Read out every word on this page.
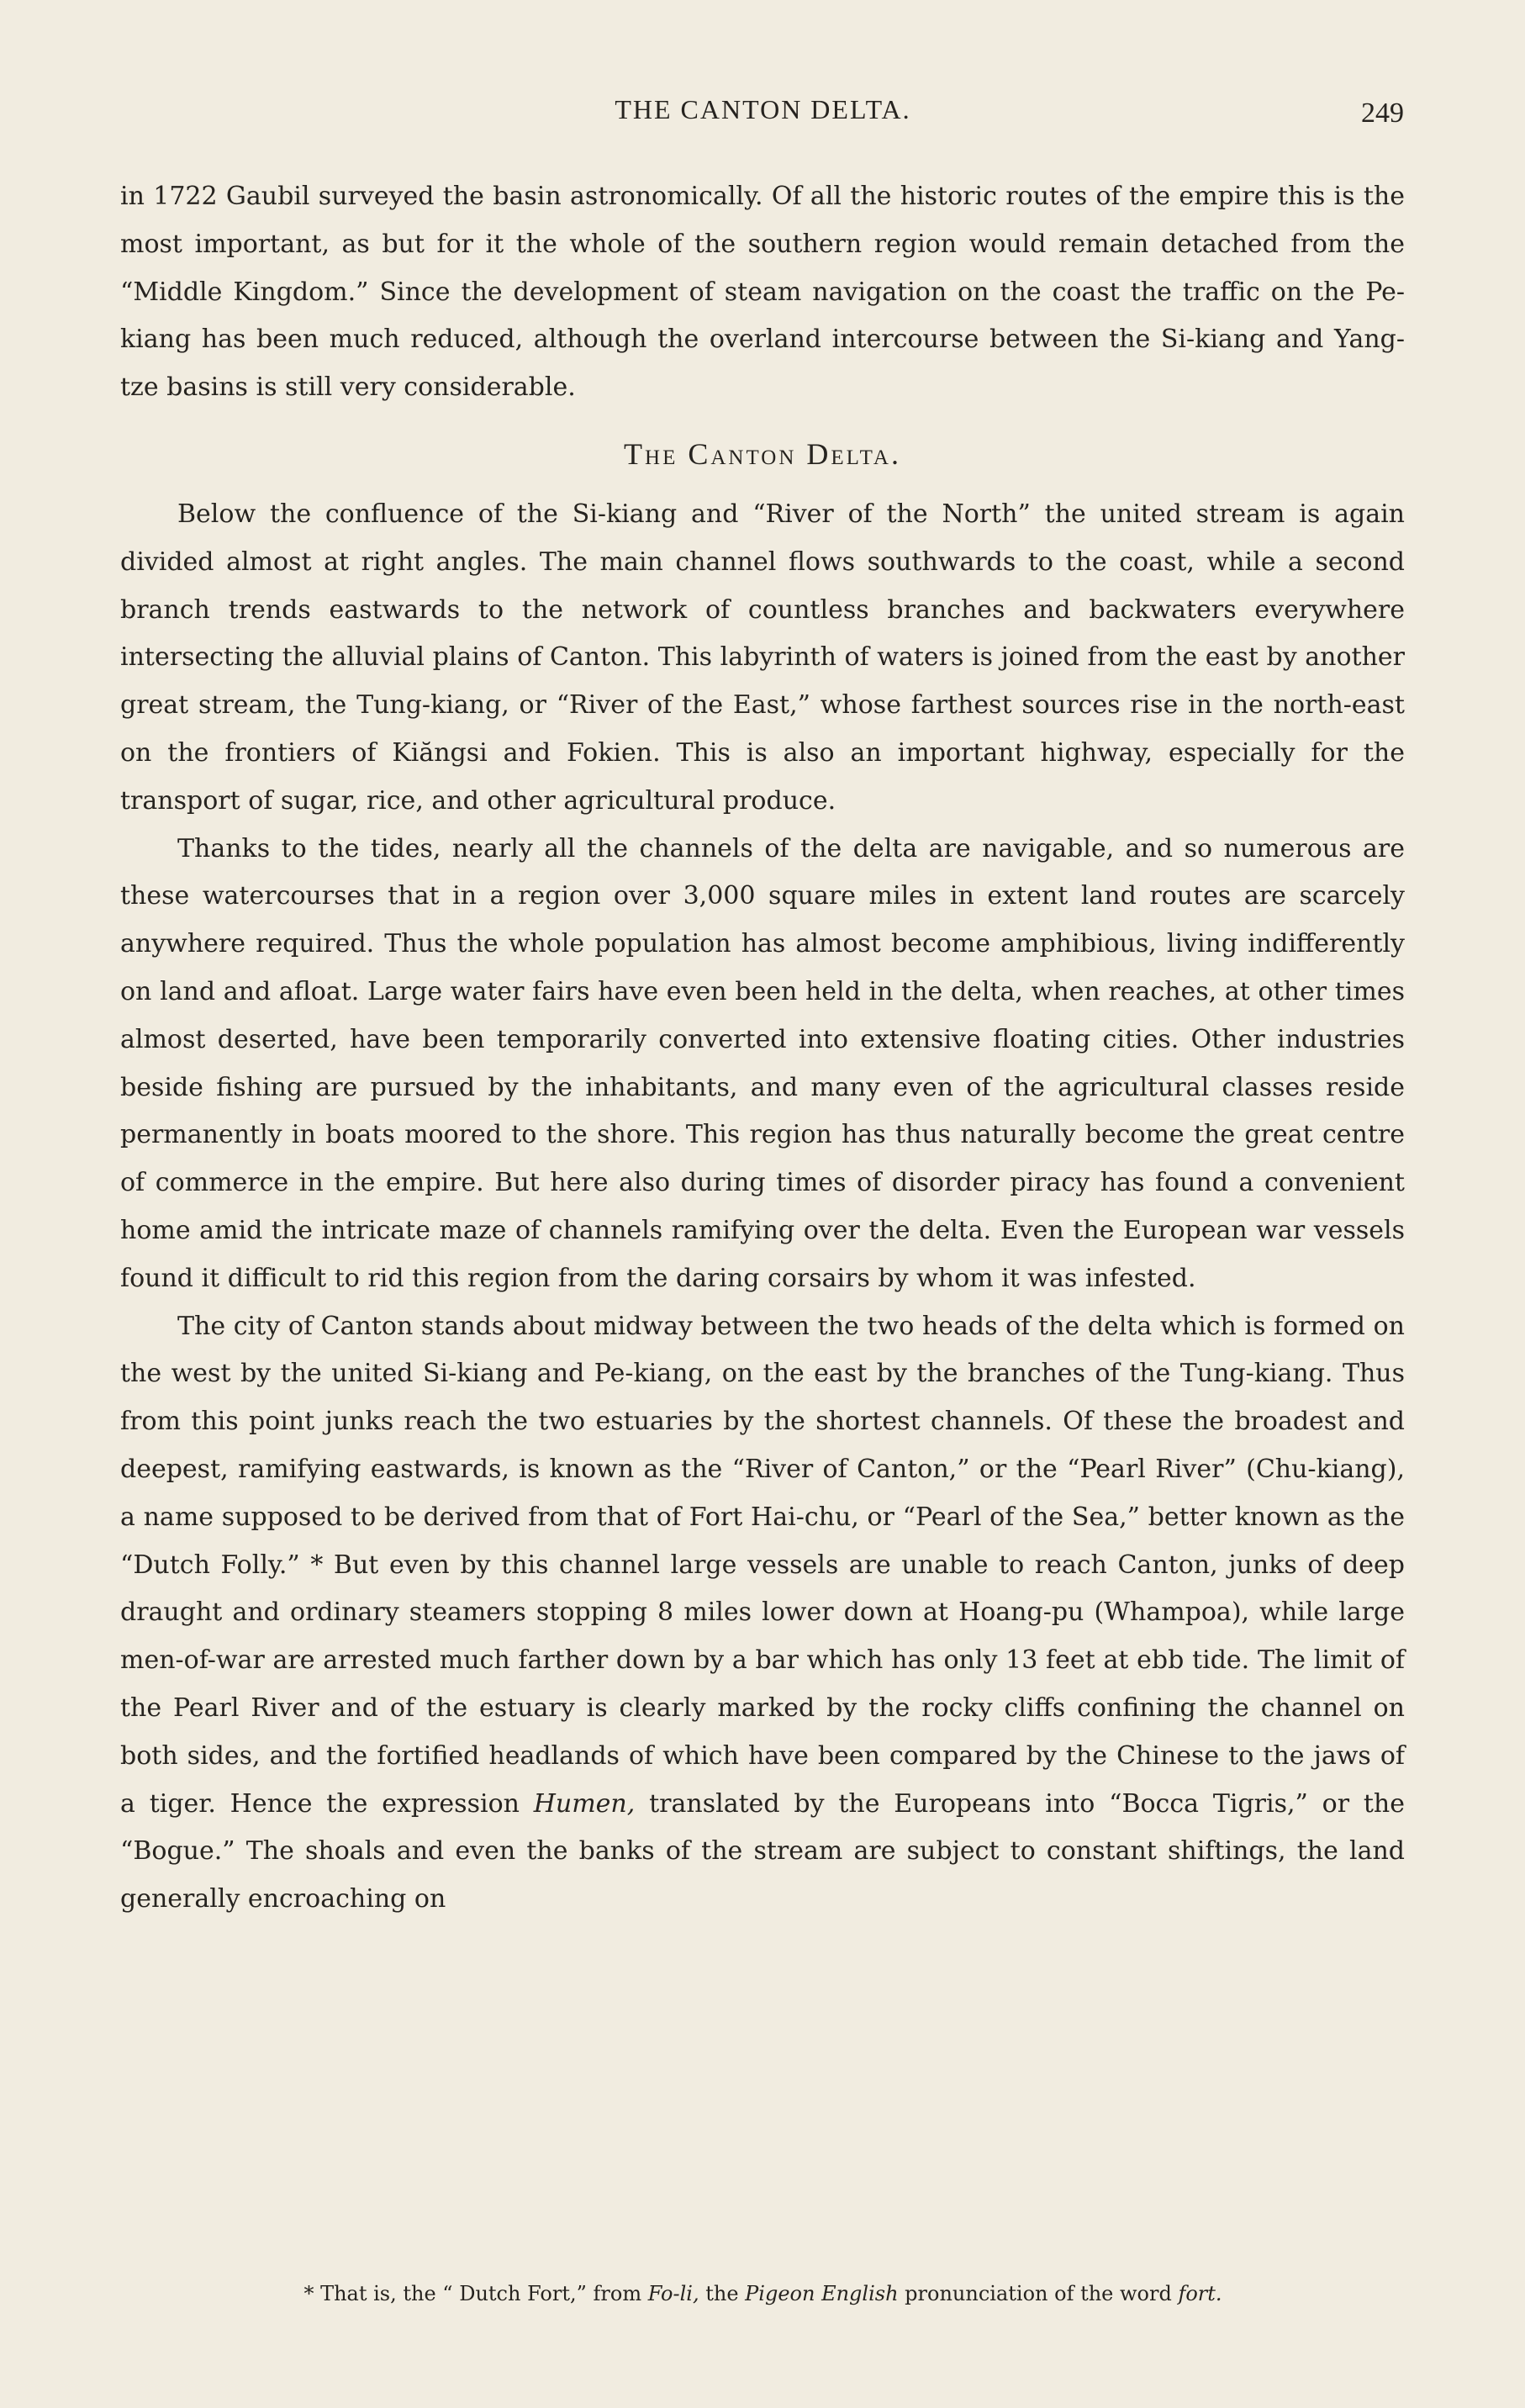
THE CANTON DELTA.	249

in 1722 Gaubil surveyed the basin astronomically. Of all the historic routes of the empire this is the most important, as but for it the whole of the southern region would remain detached from the “Middle Kingdom.” Since the development of steam navigation on the coast the traffic on the Pe-kiang has been much reduced, although the overland intercourse between the Si-kiang and Yang-tze basins is still very considerable.

The Canton Delta.

Below the confluence of the Si-kiang and “River of the North” the united stream is again divided almost at right angles. The main channel flows southwards to the coast, while a second branch trends eastwards to the network of countless branches and backwaters everywhere intersecting the alluvial plains of Canton. This labyrinth of waters is joined from the east by another great stream, the Tung-kiang, or “River of the East,” whose farthest sources rise in the north-east on the frontiers of Kiăngsi and Fokien. This is also an important highway, especially for the transport of sugar, rice, and other agricultural produce.

Thanks to the tides, nearly all the channels of the delta are navigable, and so numerous are these watercourses that in a region over 3,000 square miles in extent land routes are scarcely anywhere required. Thus the whole population has almost become amphibious, living indifferently on land and afloat. Large water fairs have even been held in the delta, when reaches, at other times almost deserted, have been temporarily converted into extensive floating cities. Other industries beside fishing are pursued by the inhabitants, and many even of the agricultural classes reside permanently in boats moored to the shore. This region has thus naturally become the great centre of commerce in the empire. But here also during times of disorder piracy has found a convenient home amid the intricate maze of channels ramifying over the delta. Even the European war vessels found it difficult to rid this region from the daring corsairs by whom it was infested.

The city of Canton stands about midway between the two heads of the delta which is formed on the west by the united Si-kiang and Pe-kiang, on the east by the branches of the Tung-kiang. Thus from this point junks reach the two estuaries by the shortest channels. Of these the broadest and deepest, ramifying eastwards, is known as the “River of Canton,” or the “Pearl River” (Chu-kiang), a name supposed to be derived from that of Fort Hai-chu, or “Pearl of the Sea,” better known as the “Dutch Folly.” * But even by this channel large vessels are unable to reach Canton, junks of deep draught and ordinary steamers stopping 8 miles lower down at Hoang-pu (Whampoa), while large men-of-war are arrested much farther down by a bar which has only 13 feet at ebb tide. The limit of the Pearl River and of the estuary is clearly marked by the rocky cliffs confining the channel on both sides, and the fortified headlands of which have been compared by the Chinese to the jaws of a tiger. Hence the expression Humen, translated by the Europeans into “Bocca Tigris,” or the “Bogue.” The shoals and even the banks of the stream are subject to constant shiftings, the land generally encroaching on

* That is, the “ Dutch Fort,” from Fo-li, the Pigeon English pronunciation of the word fort.
